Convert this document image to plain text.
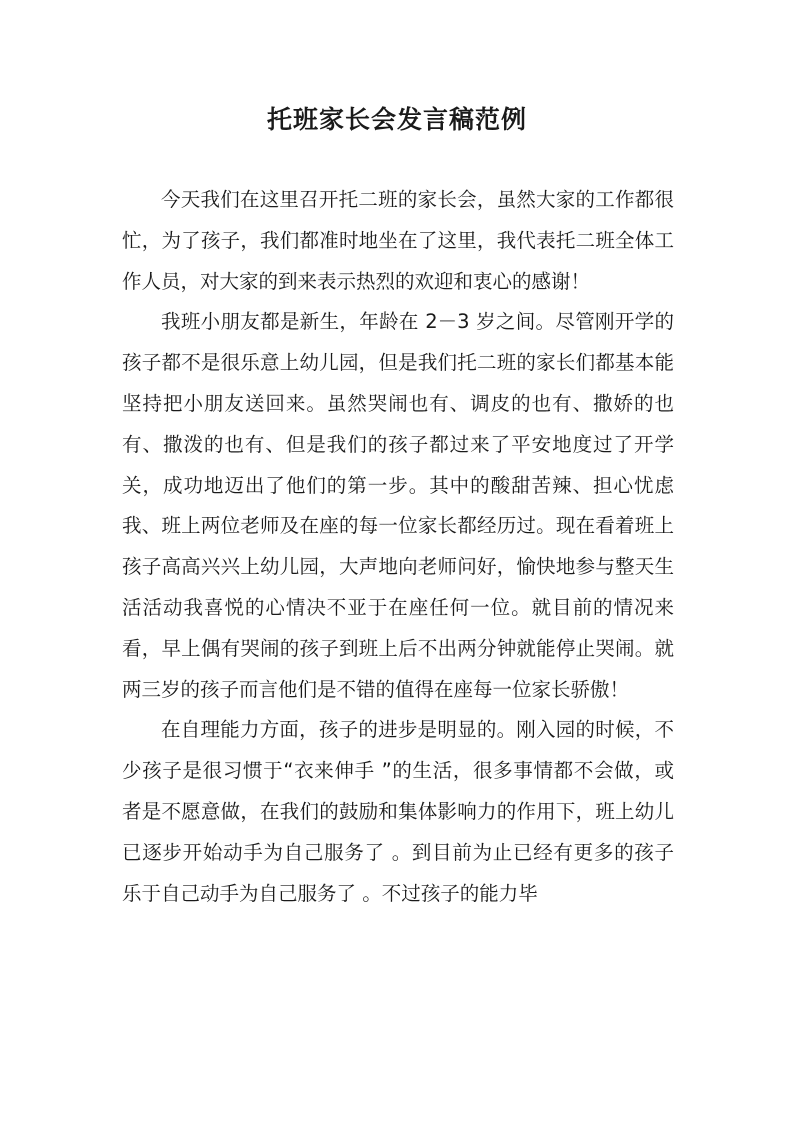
托班家长会发言稿范例

今天我们在这里召开托二班的家长会，虽然大家的工作都很忙，为了孩子，我们都准时地坐在了这里，我代表托二班全体工作人员，对大家的到来表示热烈的欢迎和衷心的感谢！

我班小朋友都是新生，年龄在 2－3 岁之间。尽管刚开学的孩子都不是很乐意上幼儿园，但是我们托二班的家长们都基本能坚持把小朋友送回来。虽然哭闹也有、调皮的也有、撒娇的也有、撒泼的也有、但是我们的孩子都过来了平安地度过了开学关，成功地迈出了他们的第一步。其中的酸甜苦辣、担心忧虑我、班上两位老师及在座的每一位家长都经历过。现在看着班上孩子高高兴兴上幼儿园，大声地向老师问好，愉快地参与整天生活活动我喜悦的心情决不亚于在座任何一位。就目前的情况来看，早上偶有哭闹的孩子到班上后不出两分钟就能停止哭闹。就两三岁的孩子而言他们是不错的值得在座每一位家长骄傲！

在自理能力方面，孩子的进步是明显的。刚入园的时候，不少孩子是很习惯于“衣来伸手 ”的生活，很多事情都不会做，或者是不愿意做，在我们的鼓励和集体影响力的作用下，班上幼儿已逐步开始动手为自己服务了 。到目前为止已经有更多的孩子乐于自己动手为自己服务了 。不过孩子的能力毕
